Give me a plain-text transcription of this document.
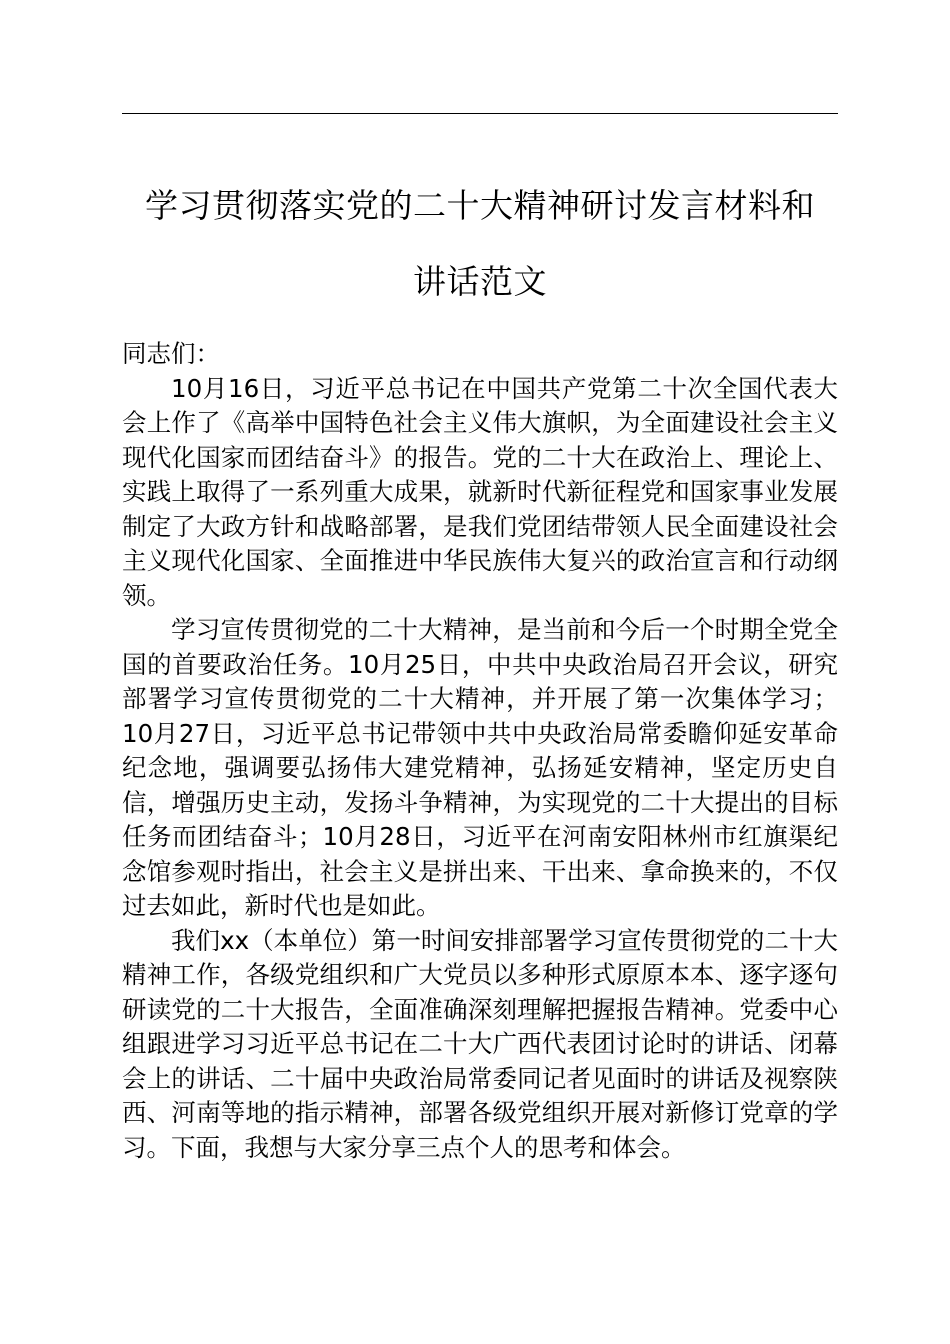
学习贯彻落实党的二十大精神研讨发言材料和
讲话范文

同志们：

10月16日，习近平总书记在中国共产党第二十次全国代表大会上作了《高举中国特色社会主义伟大旗帜，为全面建设社会主义现代化国家而团结奋斗》的报告。党的二十大在政治上、理论上、实践上取得了一系列重大成果，就新时代新征程党和国家事业发展制定了大政方针和战略部署，是我们党团结带领人民全面建设社会主义现代化国家、全面推进中华民族伟大复兴的政治宣言和行动纲领。

学习宣传贯彻党的二十大精神，是当前和今后一个时期全党全国的首要政治任务。10月25日，中共中央政治局召开会议，研究部署学习宣传贯彻党的二十大精神，并开展了第一次集体学习；10月27日，习近平总书记带领中共中央政治局常委瞻仰延安革命纪念地，强调要弘扬伟大建党精神，弘扬延安精神，坚定历史自信，增强历史主动，发扬斗争精神，为实现党的二十大提出的目标任务而团结奋斗；10月28日，习近平在河南安阳林州市红旗渠纪念馆参观时指出，社会主义是拼出来、干出来、拿命换来的，不仅过去如此，新时代也是如此。

我们xx（本单位）第一时间安排部署学习宣传贯彻党的二十大精神工作，各级党组织和广大党员以多种形式原原本本、逐字逐句研读党的二十大报告，全面准确深刻理解把握报告精神。党委中心组跟进学习习近平总书记在二十大广西代表团讨论时的讲话、闭幕会上的讲话、二十届中央政治局常委同记者见面时的讲话及视察陕西、河南等地的指示精神，部署各级党组织开展对新修订党章的学习。下面，我想与大家分享三点个人的思考和体会。
